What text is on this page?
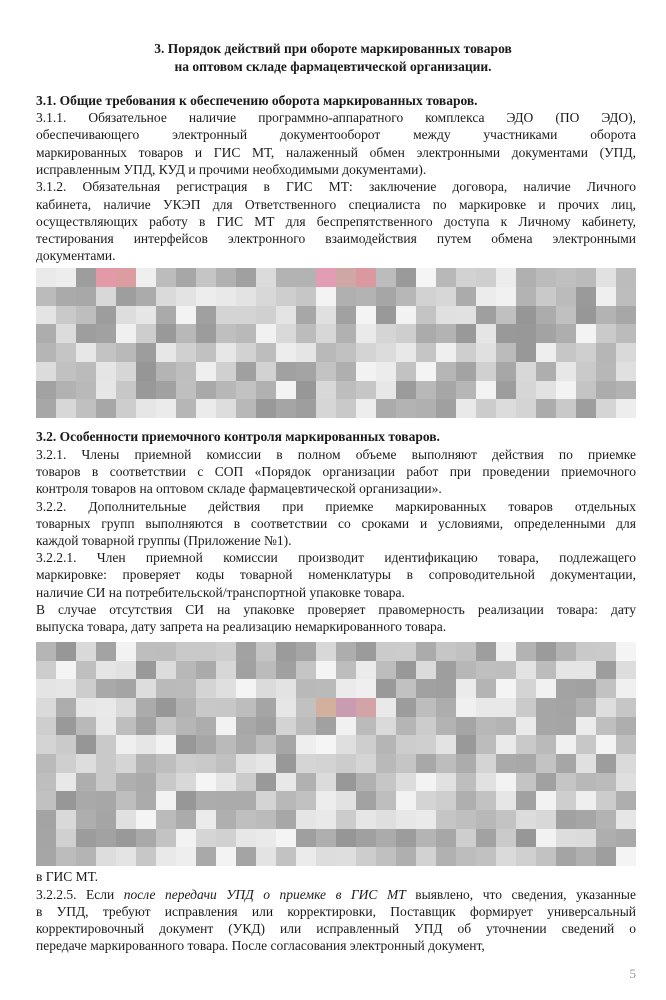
3. Порядок действий при обороте маркированных товаров
на оптовом складе фармацевтической организации.
3.1. Общие требования к обеспечению оборота маркированных товаров.
3.1.1. Обязательное наличие программно-аппаратного комплекса ЭДО (ПО ЭДО),
обеспечивающего электронный документооборот между участниками оборота
маркированных товаров и ГИС МТ, налаженный обмен электронными документами (УПД,
исправленным УПД, КУД и прочими необходимыми документами).
3.1.2. Обязательная регистрация в ГИС МТ: заключение договора, наличие Личного
кабинета, наличие УКЭП для Ответственного специалиста по маркировке и прочих лиц,
осуществляющих работу в ГИС МТ для беспрепятственного доступа к Личному кабинету,
тестирования интерфейсов электронного взаимодействия путем обмена электронными
документами.
3.2. Особенности приемочного контроля маркированных товаров.
3.2.1. Члены приемной комиссии в полном объеме выполняют действия по приемке
товаров в соответствии с СОП «Порядок организации работ при проведении приемочного
контроля товаров на оптовом складе фармацевтической организации».
3.2.2. Дополнительные действия при приемке маркированных товаров отдельных
товарных групп выполняются в соответствии со сроками и условиями, определенными для
каждой товарной группы (Приложение №1).
3.2.2.1. Член приемной комиссии производит идентификацию товара, подлежащего
маркировке: проверяет коды товарной номенклатуры в сопроводительной документации,
наличие СИ на потребительской/транспортной упаковке товара.
В случае отсутствия СИ на упаковке проверяет правомерность реализации товара: дату
выпуска товара, дату запрета на реализацию немаркированного товара.
в ГИС МТ.
3.2.2.5. Если после передачи УПД о приемке в ГИС МТ выявлено, что сведения, указанные
в УПД, требуют исправления или корректировки, Поставщик формирует универсальный
корректировочный документ (УКД) или исправленный УПД об уточнении сведений о
передаче маркированного товара. После согласования электронный документ,
5
